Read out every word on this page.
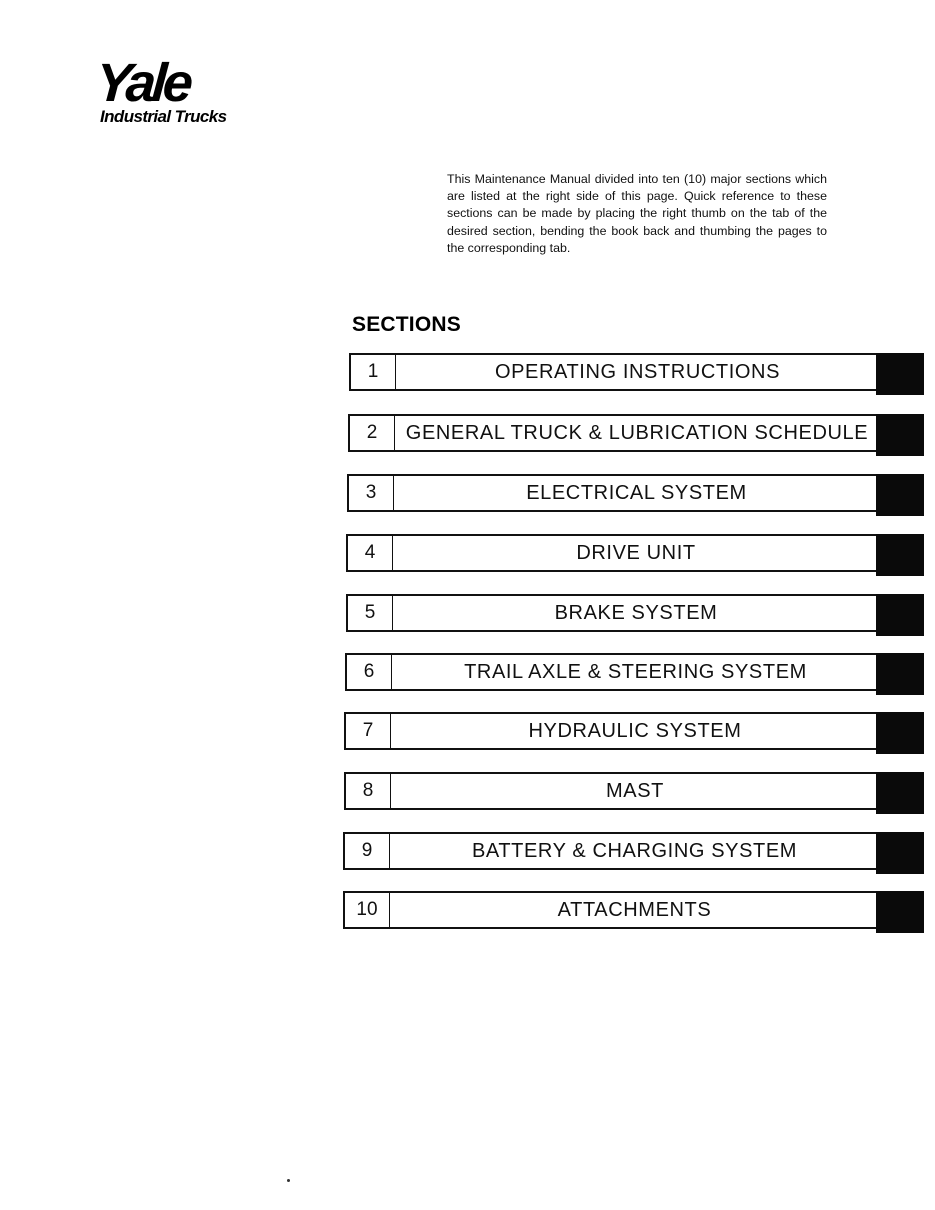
Yale
Industrial Trucks
This Maintenance Manual divided into ten (10) major sections which are listed at the right side of this page. Quick reference to these sections can be made by placing the right thumb on the tab of the desired section, bending the book back and thumbing the pages to the corresponding tab.
SECTIONS
1	OPERATING INSTRUCTIONS
2	GENERAL TRUCK & LUBRICATION SCHEDULE
3	ELECTRICAL SYSTEM
4	DRIVE UNIT
5	BRAKE SYSTEM
6	TRAIL AXLE & STEERING SYSTEM
7	HYDRAULIC SYSTEM
8	MAST
9	BATTERY & CHARGING SYSTEM
10	ATTACHMENTS
